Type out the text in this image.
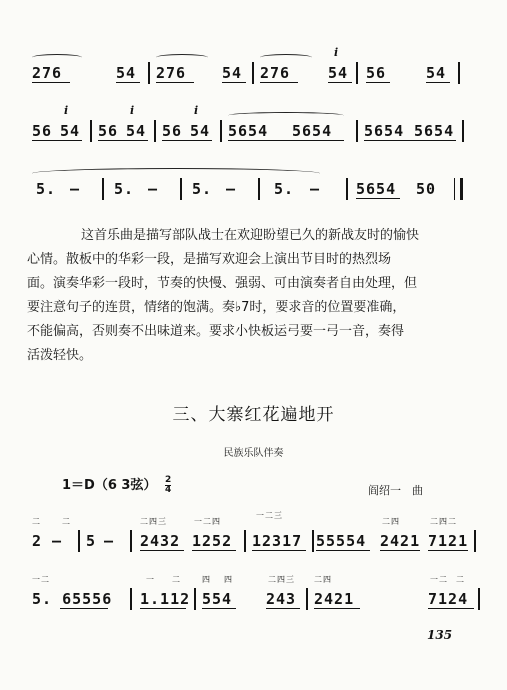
276	54 276 54 276
i
54 56	54
56
i
54 56
i
54 56
i
54 5654 5654 5654 5654
5. — 5. — 5. —	5. — 5654 50

这首乐曲是描写部队战士在欢迎盼望已久的新战友时的愉快

心情。散板中的华彩一段，是描写欢迎会上演出节目时的热烈场
面。演奏华彩一段时，节奏的快慢、强弱、可由演奏者自由处理，但
要注意句子的连贯，情绪的饱满。奏♭7时，要求音的位置要准确，
不能偏高，否则奏不出味道来。要求小快板运弓要一弓一音，奏得
活泼轻快。
三、大寨红花遍地开
民族乐队伴奏
1＝D（6 3弦） $\frac{2}{4}$	阎绍一　曲
二	二
2 — 5 —
二四三
2432
一二四
1252
一二三
12317 55554
二四
2421
二四二
7121
一二
5. 65556
一 二
1.112
四 四
554
二四三
243
二四
2421
一二 二
7124
135
